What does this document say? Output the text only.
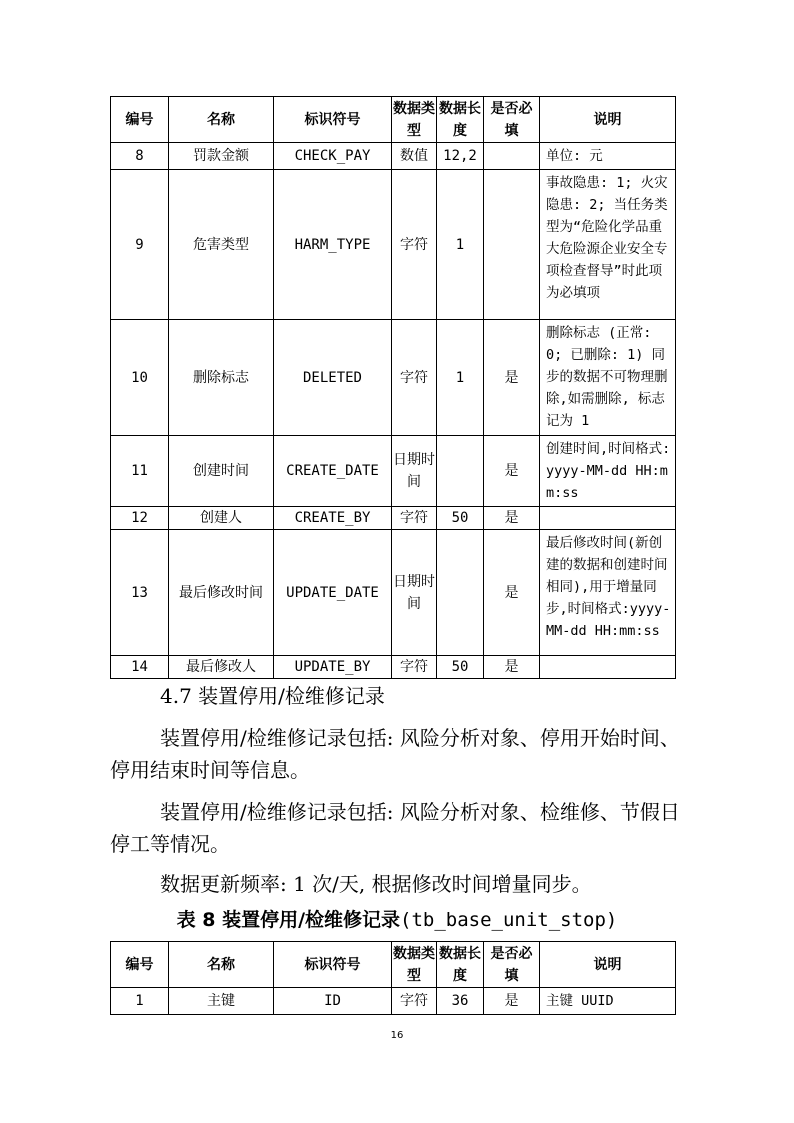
编号	名称	标识符号	数据类型	数据长度	是否必填	说明
8	罚款金额	CHECK_PAY	数值	12,2		单位: 元
9	危害类型	HARM_TYPE	字符	1		事故隐患: 1; 火灾隐患: 2; 当任务类型为“危险化学品重大危险源企业安全专项检查督导”时此项为必填项
10	删除标志	DELETED	字符	1	是	删除标志 (正常: 0; 已删除: 1) 同步的数据不可物理删除,如需删除, 标志记为 1
11	创建时间	CREATE_DATE	日期时间		是	创建时间,时间格式: yyyy-MM-dd HH:mm:ss
12	创建人	CREATE_BY	字符	50	是	
13	最后修改时间	UPDATE_DATE	日期时间		是	最后修改时间(新创建的数据和创建时间相同),用于增量同步,时间格式:yyyy-MM-dd HH:mm:ss
14	最后修改人	UPDATE_BY	字符	50	是	
4.7 装置停用/检维修记录
装置停用/检维修记录包括: 风险分析对象、停用开始时间、停用结束时间等信息。
装置停用/检维修记录包括: 风险分析对象、检维修、节假日停工等情况。
数据更新频率: 1 次/天, 根据修改时间增量同步。
表 8 装置停用/检维修记录(tb_base_unit_stop)
编号	名称	标识符号	数据类型	数据长度	是否必填	说明
1	主键	ID	字符	36	是	主键 UUID
16
